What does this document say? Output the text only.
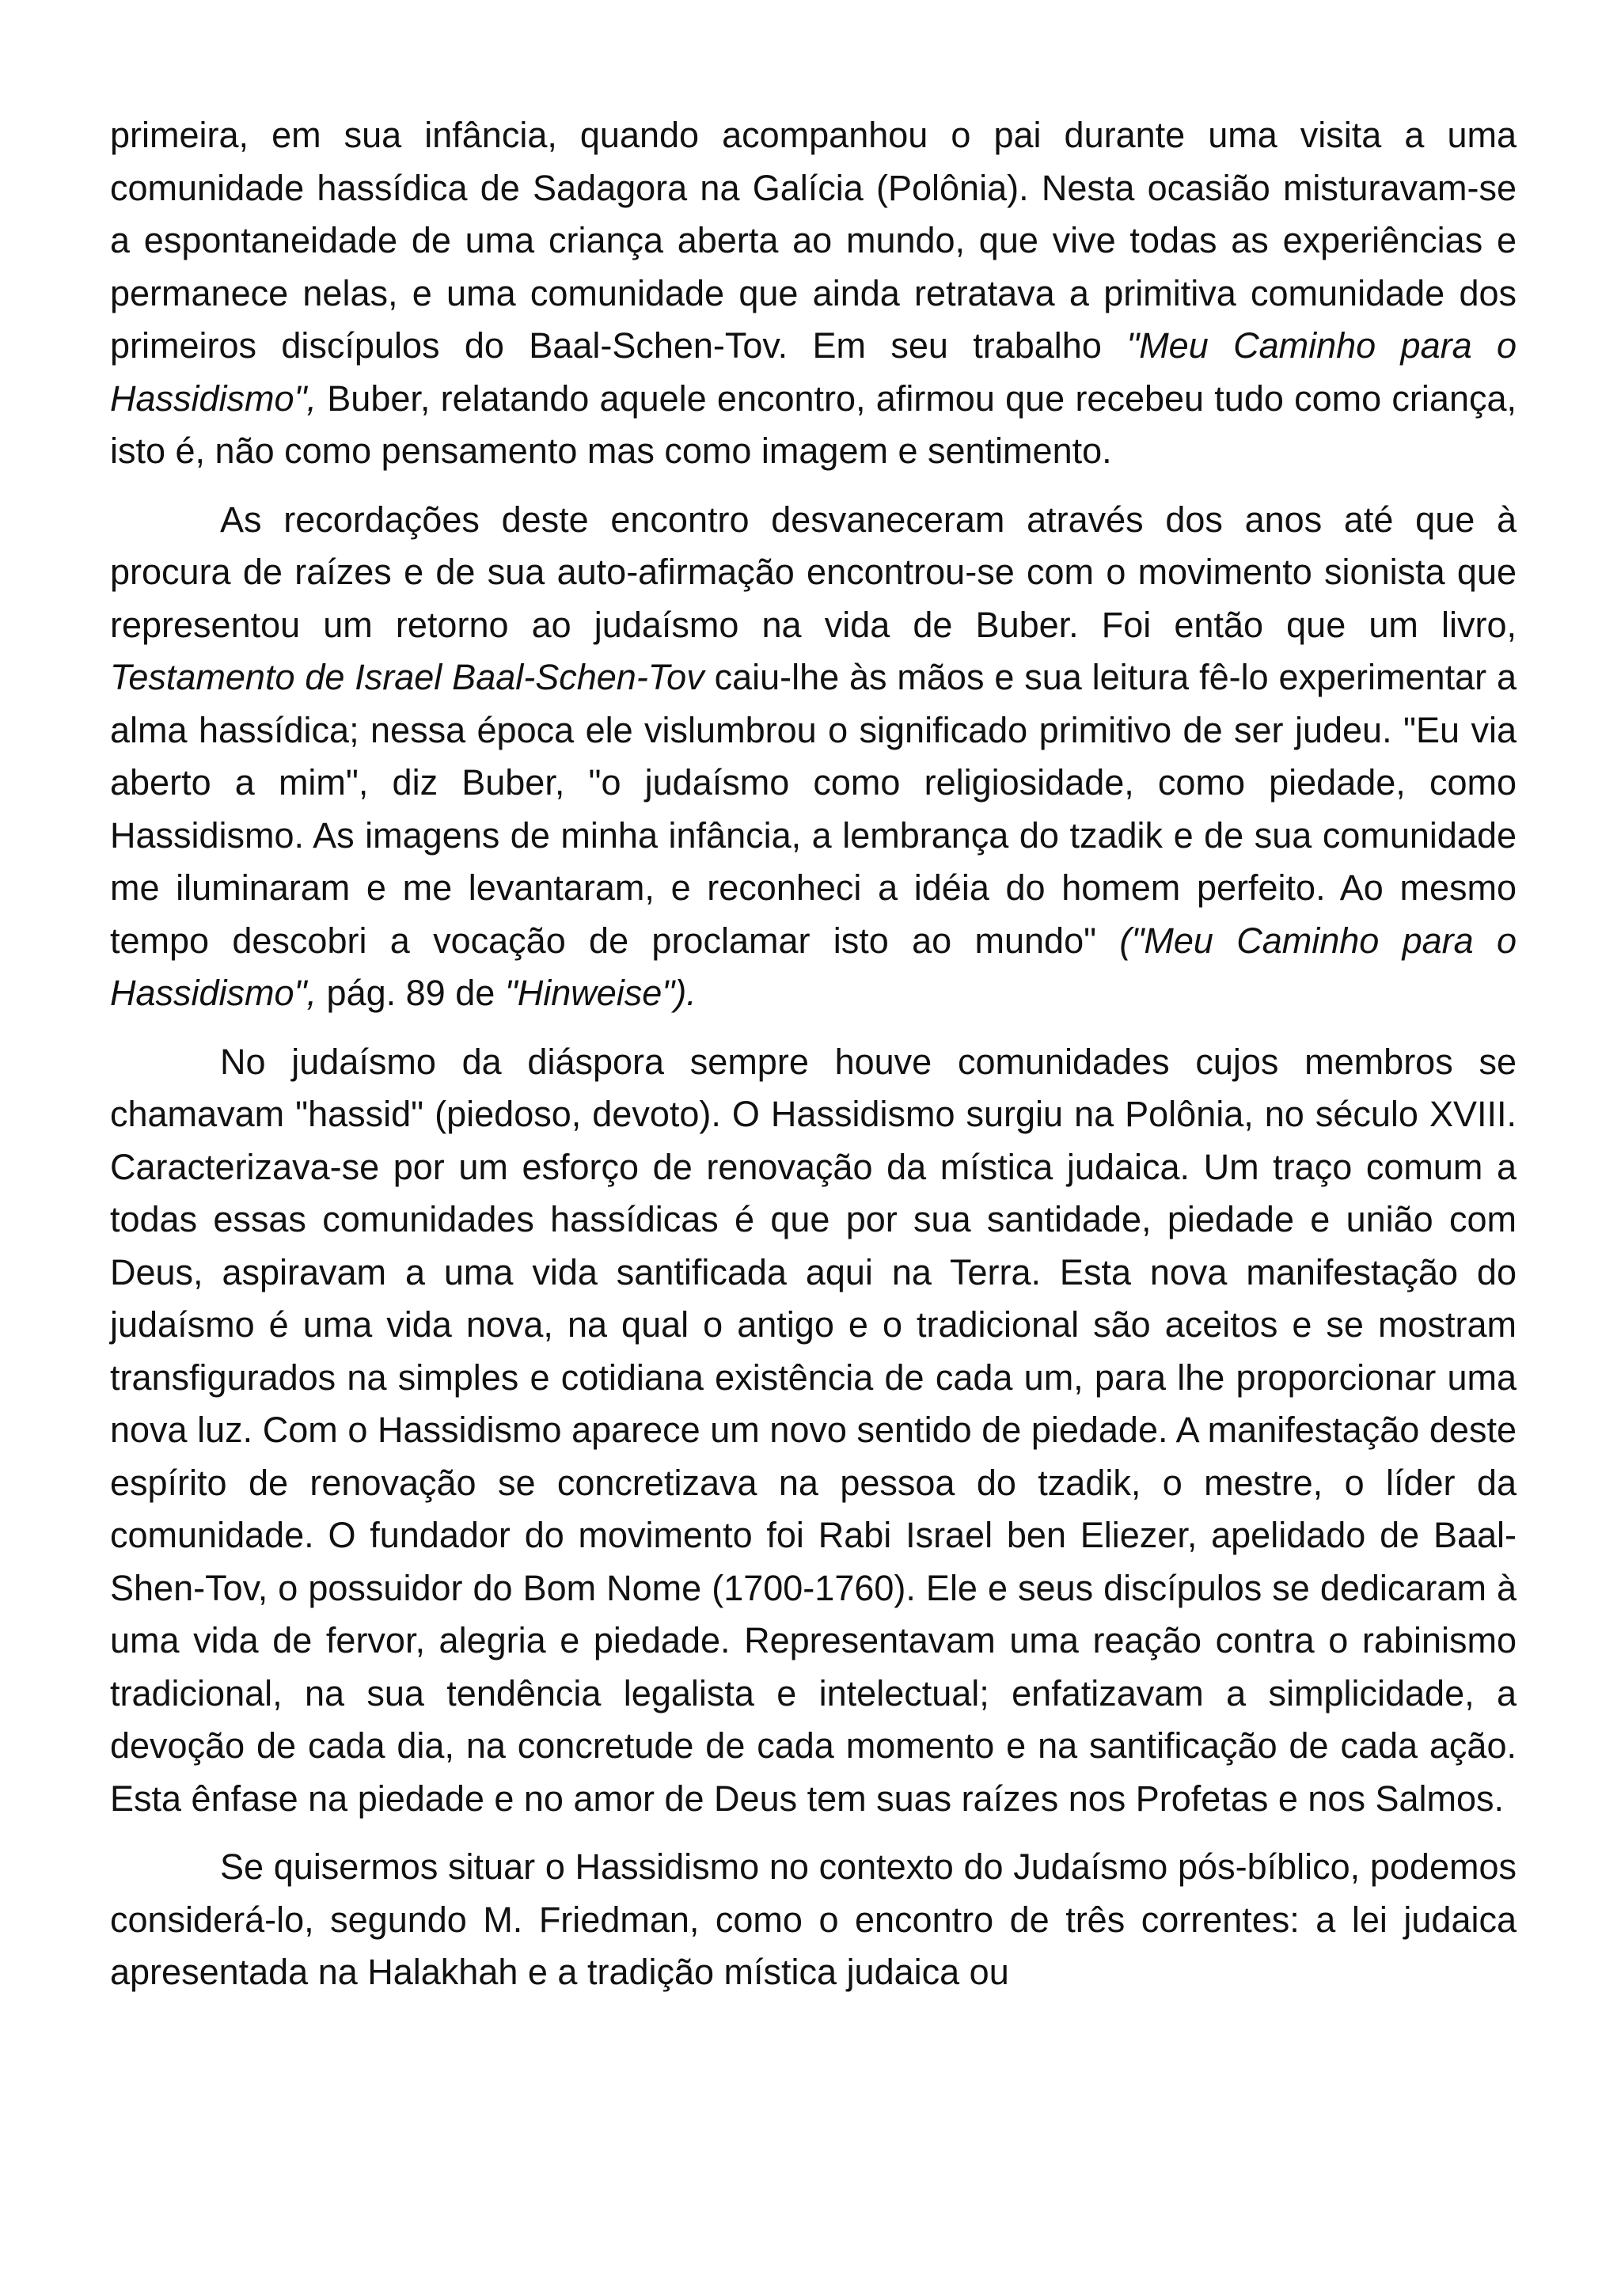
primeira, em sua infância, quando acompanhou o pai durante uma visita a uma comunidade hassídica de Sadagora na Galícia (Polônia). Nesta ocasião misturavam-se a espontaneidade de uma criança aberta ao mundo, que vive todas as experiências e permanece nelas, e uma comunidade que ainda retratava a primitiva comunidade dos primeiros discípulos do Baal-Schen-Tov. Em seu trabalho "Meu Caminho para o Hassidismo", Buber, relatando aquele encontro, afirmou que recebeu tudo como criança, isto é, não como pensamento mas como imagem e sentimento.

As recordações deste encontro desvaneceram através dos anos até que à procura de raízes e de sua auto-afirmação encontrou-se com o movimento sionista que representou um retorno ao judaísmo na vida de Buber. Foi então que um livro, Testamento de Israel Baal-Schen-Tov caiu-lhe às mãos e sua leitura fê-lo experimentar a alma hassídica; nessa época ele vislumbrou o significado primitivo de ser judeu. "Eu via aberto a mim", diz Buber, "o judaísmo como religiosidade, como piedade, como Hassidismo. As imagens de minha infância, a lembrança do tzadik e de sua comunidade me iluminaram e me levantaram, e reconheci a idéia do homem perfeito. Ao mesmo tempo descobri a vocação de proclamar isto ao mundo" ("Meu Caminho para o Hassidismo", pág. 89 de "Hinweise").

No judaísmo da diáspora sempre houve comunidades cujos membros se chamavam "hassid" (piedoso, devoto). O Hassidismo surgiu na Polônia, no século XVIII. Caracterizava-se por um esforço de renovação da mística judaica. Um traço comum a todas essas comunidades hassídicas é que por sua santidade, piedade e união com Deus, aspiravam a uma vida santificada aqui na Terra. Esta nova manifestação do judaísmo é uma vida nova, na qual o antigo e o tradicional são aceitos e se mostram transfigurados na simples e cotidiana existência de cada um, para lhe proporcionar uma nova luz. Com o Hassidismo aparece um novo sentido de piedade. A manifestação deste espírito de renovação se concretizava na pessoa do tzadik, o mestre, o líder da comunidade. O fundador do movimento foi Rabi Israel ben Eliezer, apelidado de Baal-Shen-Tov, o possuidor do Bom Nome (1700-1760). Ele e seus discípulos se dedicaram à uma vida de fervor, alegria e piedade. Representavam uma reação contra o rabinismo tradicional, na sua tendência legalista e intelectual; enfatizavam a simplicidade, a devoção de cada dia, na concretude de cada momento e na santificação de cada ação. Esta ênfase na piedade e no amor de Deus tem suas raízes nos Profetas e nos Salmos.

Se quisermos situar o Hassidismo no contexto do Judaísmo pós-bíblico, podemos considerá-lo, segundo M. Friedman, como o encontro de três correntes: a lei judaica apresentada na Halakhah e a tradição mística judaica ou
